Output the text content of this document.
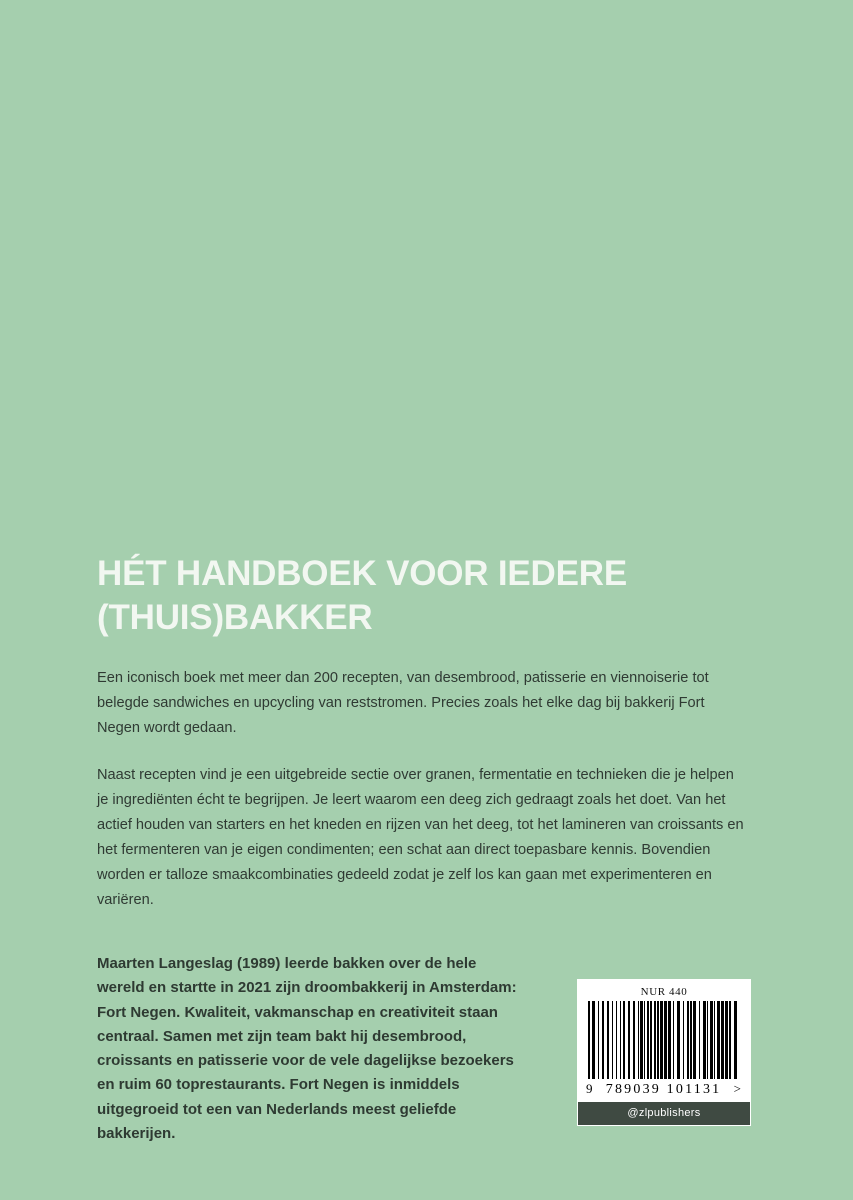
HÉT HANDBOEK VOOR IEDERE
(THUIS)BAKKER

Een iconisch boek met meer dan 200 recepten, van desembrood, patisserie en viennoiserie tot belegde sandwiches en upcycling van reststromen. Precies zoals het elke dag bij bakkerij Fort Negen wordt gedaan.

Naast recepten vind je een uitgebreide sectie over granen, fermentatie en technieken die je helpen je ingrediënten écht te begrijpen. Je leert waarom een deeg zich gedraagt zoals het doet. Van het actief houden van starters en het kneden en rijzen van het deeg, tot het lamineren van croissants en het fermenteren van je eigen condimenten; een schat aan direct toepasbare kennis. Bovendien worden er talloze smaakcombinaties gedeeld zodat je zelf los kan gaan met experimenteren en variëren.

Maarten Langeslag (1989) leerde bakken over de hele wereld en startte in 2021 zijn droombakkerij in Amsterdam: Fort Negen. Kwaliteit, vakmanschap en creativiteit staan centraal. Samen met zijn team bakt hij desembrood, croissants en patisserie voor de vele dagelijkse bezoekers en ruim 60 toprestaurants. Fort Negen is inmiddels uitgegroeid tot een van Nederlands meest geliefde bakkerijen.
NUR 440
9 789039 101131 >
@zlpublishers
